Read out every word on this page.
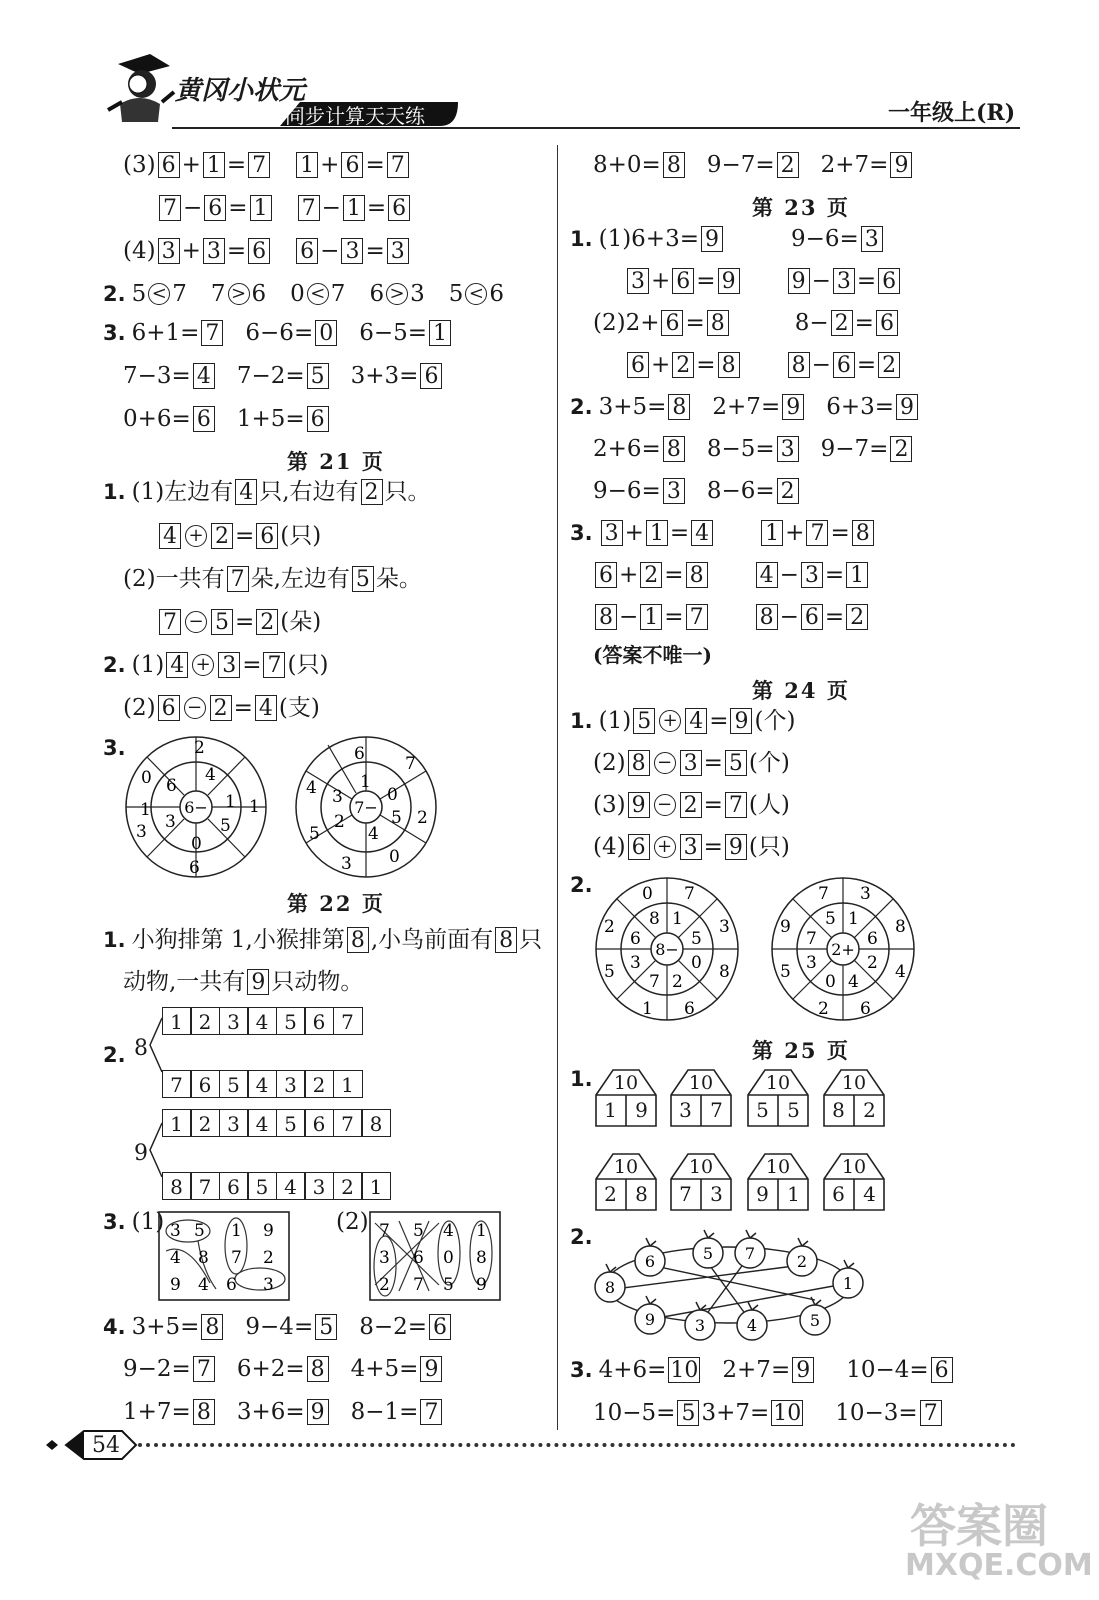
黄冈小状元
同步计算天天练	一年级上(R)
(3) 6 + 1 = 7 1 + 6 = 7
7 − 6 = 1 7 − 1 = 6
(4) 3 + 3 = 6 6 − 3 = 3
2. 5 < 7 7 > 6 0 < 7 6 > 3 5 < 6
3. 6+1= 7 6−6= 0 6−5= 1
7−3= 4 7−2= 5 3+3= 6
0+6= 6 1+5= 6
第 21 页
1. (1)左边有 4 只,右边有 2 只。
4 + 2 = 6 (只)
(2)一共有 7 朵,左边有 5 朵。
7 − 5 = 2 (朵)
2. (1) 4 + 3 = 7 (只)
(2) 6 − 2 = 4 (支)
3.
6−
4
1
5
0
3
6
2
1
1
6
3
0
7−
1
0
5
4
2
3
6 7
2
0
3
5
4
第 22 页
1. 小狗排第 1,小猴排第 8 ,小鸟前面有 8 只
动物,一共有 9 只动物。
2. 8
9
1 2 3 4 5 6 7
7 6 5 4 3 2 1
1 2 3 4 5 6 7 8
8 7 6 5 4 3 2 1
3. (1)	(2)
3 5 1 9
4 8 7
9 4 6
2
3
7 5 4 1
3 6 0 8
2 7 5 9
4. 3+5= 8 9−4= 5 8−2= 6
9−2= 7 6+2= 8 4+5= 9
1+7= 8 3+6= 9 8−1= 7
8+0= 8 9−7= 2 2+7= 9
第 23 页
1. (1)6+3= 9	9−6= 3
3 + 6 = 9	9 − 3 = 6
(2)2+ 6 = 8	8− 2 = 6
6 + 2 = 8	8 − 6 = 2
2. 3+5= 8 2+7= 9 6+3= 9
2+6= 8 8−5= 3 9−7= 2
9−6= 3 8−6= 2
3. 3 + 1 = 4	1 + 7 = 8
6 + 2 = 8	4 − 3 = 1
8 − 1 = 7	8 − 6 = 2
(答案不唯一)
第 24 页
1. (1) 5 + 4 = 9 (个)
(2) 8 − 3 = 5 (个)
(3) 9 − 2 = 7 (人)
(4) 6 + 3 = 9 (只)
2.
8−
8 1
5
0
2
7
3
6
0 7
3
8
6
1
5
2
2+
5 1
6
2
4
0
3
7
7 3
8
4
6
2
5
9
第 25 页
1.	10
1 9
10
3 7
10
5 5
10
8 2
10
2 8
10
7 3
10
9 1
10
6 4
2.
6	5 7	2
8	1
9 3	4	5
3. 4+6= 10 2+7= 9 10−4= 6
10−5= 5 3+7= 10 10−3= 7
54
答案圈
MXQE.COM
